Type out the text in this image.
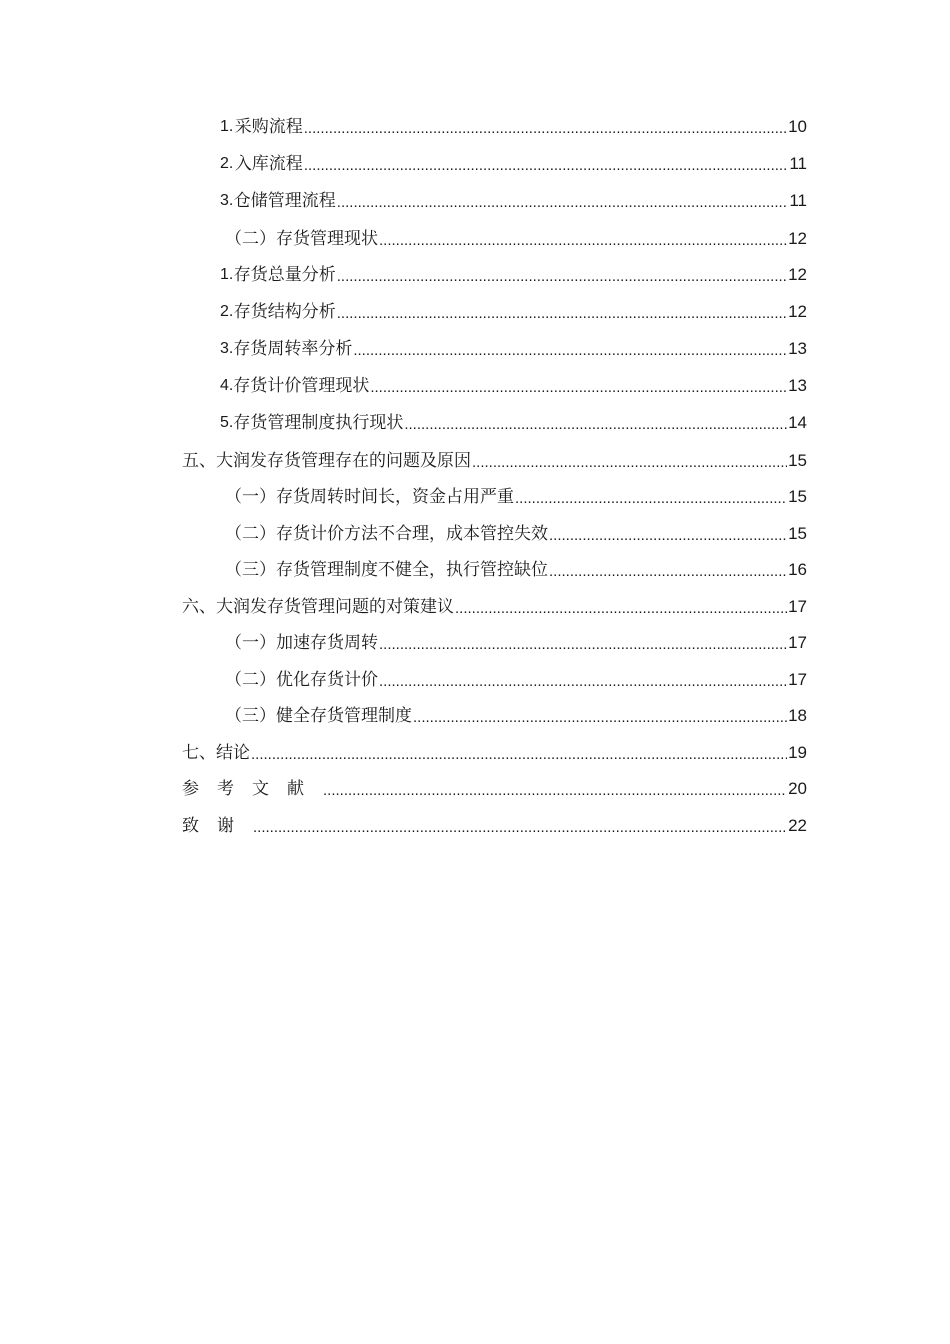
1. 采购流程 .....	10
2. 入库流程 .....	11
3. 仓储管理流程 .....	11
（二） 存货管理现状 .....	12
1. 存货总量分析 .....	12
2. 存货结构分析 .....	12
3. 存货周转率分析 .....	13
4. 存货计价管理现状 .....	13
5. 存货管理制度执行现状 .....	14
五、 大润发存货管理存在的问题及原因 .....	15
（一） 存货周转时间长，资金占用严重 .....	15
（二） 存货计价方法不合理，成本管控失效 .....	15
（三） 存货管理制度不健全，执行管控缺位 .....	16
六、 大润发存货管理问题的对策建议 .....	17
（一） 加速存货周转 .....	17
（二） 优化存货计价 .....	17
（三） 健全存货管理制度 .....	18
七、 结论 .....	19
参考文献 .....	20
致谢 .....	22
